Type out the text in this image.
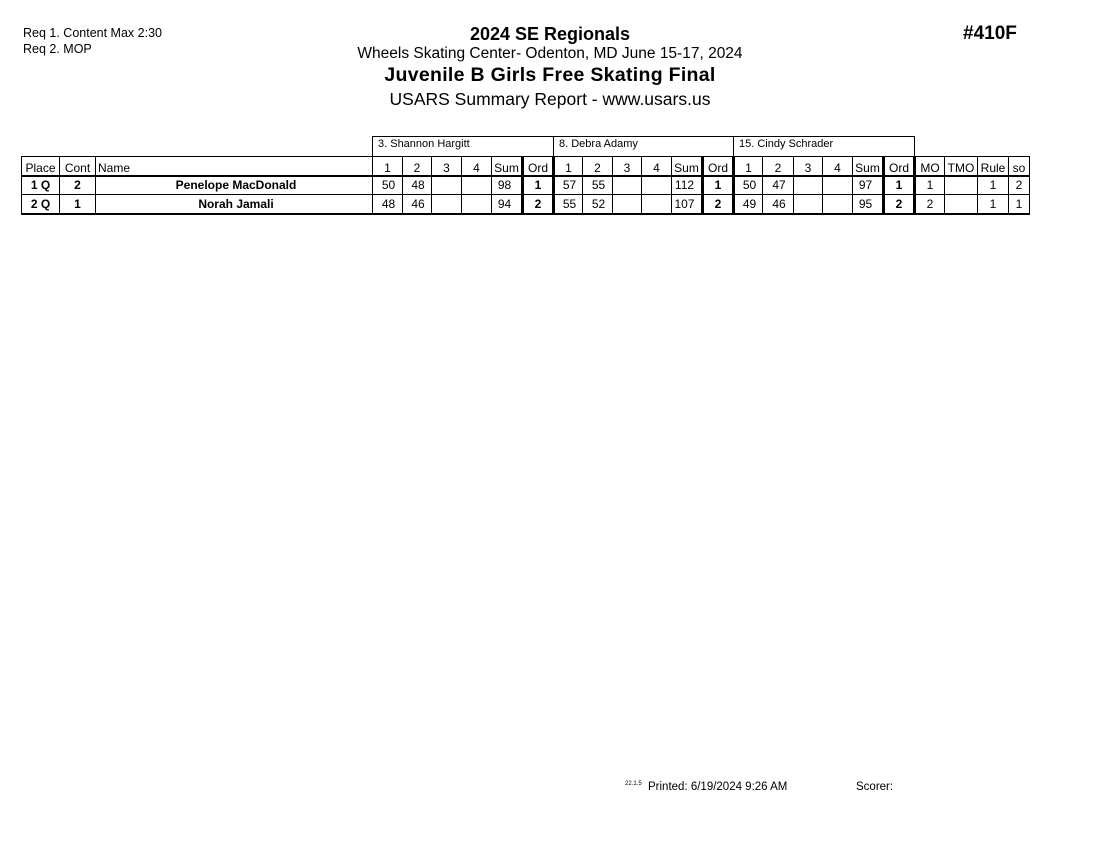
Req 1. Content Max 2:30
Req 2. MOP
#410F
2024 SE Regionals
Wheels Skating Center- Odenton, MD June 15-17, 2024
Juvenile B Girls Free Skating Final
USARS Summary Report - www.usars.us
			3. Shannon Hargitt						8. Debra Adamy						15. Cindy Schrader									
Place	Cont	Name	1	2	3	4	Sum	Ord	1	2	3	4	Sum	Ord	1	2	3	4	Sum	Ord	MO	TMO	Rule	so
1 Q	2	Penelope MacDonald	50	48			98	1	57	55			112	1	50	47			97	1	1		1	2
2 Q	1	Norah Jamali	48	46			94	2	55	52			107	2	49	46			95	2	2		1	1
22.1.5 Printed: 6/19/2024 9:26 AM	Scorer:
